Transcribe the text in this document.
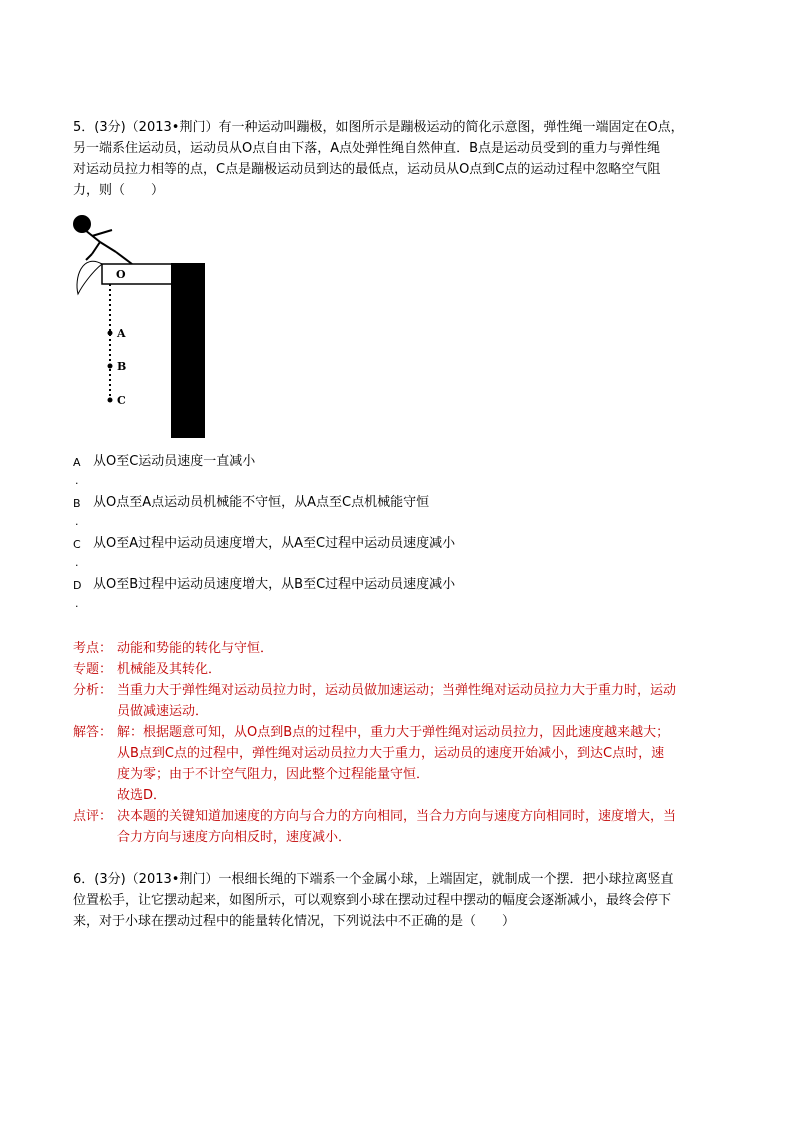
5．(3分)（2013•荆门）有一种运动叫蹦极，如图所示是蹦极运动的简化示意图，弹性绳一端固定在O点，
另一端系住运动员，运动员从O点自由下落，A点处弹性绳自然伸直．B点是运动员受到的重力与弹性绳
对运动员拉力相等的点，C点是蹦极运动员到达的最低点，运动员从O点到C点的运动过程中忽略空气阻
力，则（　　）
O
A
B
C
A
.
从O至C运动员速度一直减小
B
.
从O点至A点运动员机械能不守恒，从A点至C点机械能守恒
C
.
从O至A过程中运动员速度增大，从A至C过程中运动员速度减小
D
.
从O至B过程中运动员速度增大，从B至C过程中运动员速度减小
考点： 动能和势能的转化与守恒．
专题： 机械能及其转化．
分析： 当重力大于弹性绳对运动员拉力时，运动员做加速运动；当弹性绳对运动员拉力大于重力时，运动
员做减速运动．
解答： 解：根据题意可知，从O点到B点的过程中，重力大于弹性绳对运动员拉力，因此速度越来越大；
从B点到C点的过程中，弹性绳对运动员拉力大于重力，运动员的速度开始减小，到达C点时，速
度为零；由于不计空气阻力，因此整个过程能量守恒．
故选D．
点评： 决本题的关键知道加速度的方向与合力的方向相同，当合力方向与速度方向相同时，速度增大，当
合力方向与速度方向相反时，速度减小．
6．(3分)（2013•荆门）一根细长绳的下端系一个金属小球，上端固定，就制成一个摆．把小球拉离竖直
位置松手，让它摆动起来，如图所示，可以观察到小球在摆动过程中摆动的幅度会逐渐减小，最终会停下
来，对于小球在摆动过程中的能量转化情况，下列说法中不正确的是（　　）
